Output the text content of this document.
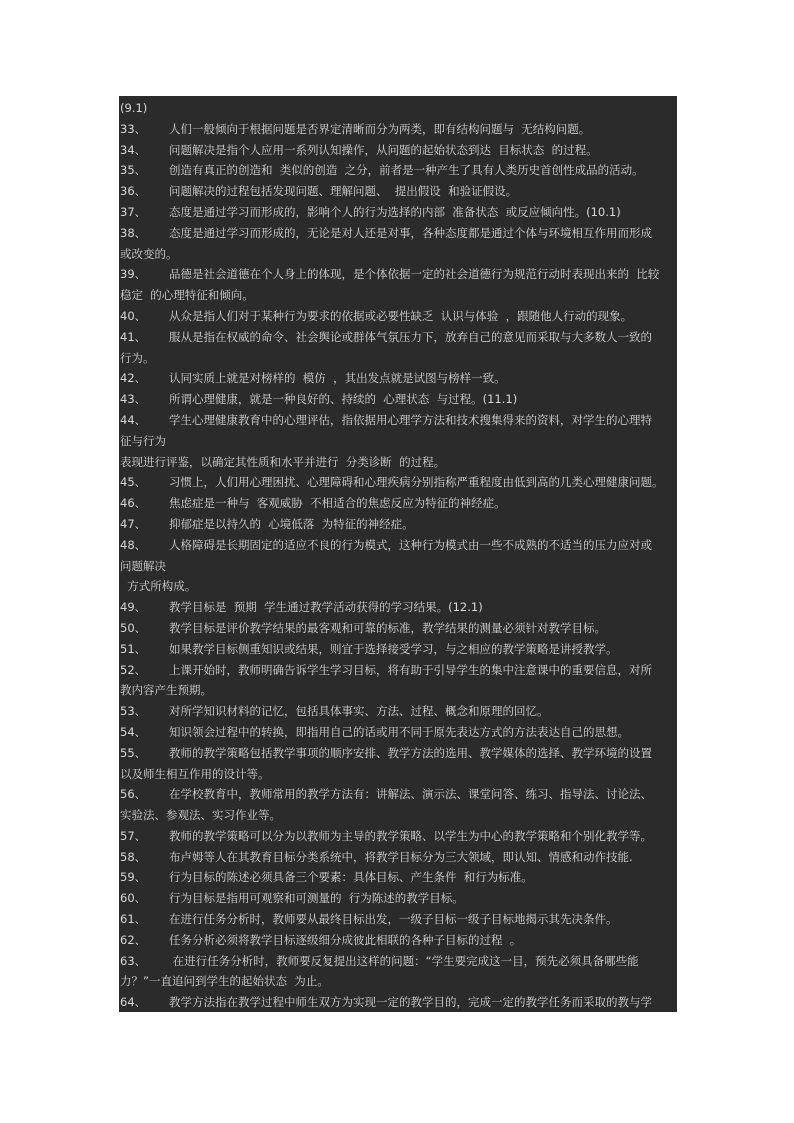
(9.1)
33、 人们一般倾向于根据问题是否界定清晰而分为两类，即有结构问题与  无结构问题。
34、 问题解决是指个人应用一系列认知操作，从问题的起始状态到达  目标状态  的过程。
35、 创造有真正的创造和  类似的创造  之分，前者是一种产生了具有人类历史首创性成品的活动。
36、 问题解决的过程包括发现问题、理解问题、  提出假设  和验证假设。
37、 态度是通过学习而形成的，影响个人的行为选择的内部  准备状态  或反应倾向性。(10.1)
38、 态度是通过学习而形成的，无论是对人还是对事，各种态度都是通过个体与环境相互作用而形成
或改变的。
39、 品德是社会道德在个人身上的体现，是个体依据一定的社会道德行为规范行动时表现出来的  比较
稳定  的心理特征和倾向。
40、 从众是指人们对于某种行为要求的依据或必要性缺乏  认识与体验  ，跟随他人行动的现象。
41、 服从是指在权威的命令、社会舆论或群体气氛压力下，放弃自己的意见而采取与大多数人一致的
行为。
42、 认同实质上就是对榜样的  模仿  ，其出发点就是试图与榜样一致。
43、 所谓心理健康，就是一种良好的、持续的  心理状态  与过程。(11.1)
44、 学生心理健康教育中的心理评估，指依据用心理学方法和技术搜集得来的资料，对学生的心理特
征与行为
表现进行评鉴，以确定其性质和水平并进行  分类诊断  的过程。
45、 习惯上，人们用心理困扰、心理障碍和心理疾病分别指称严重程度由低到高的几类心理健康问题。
46、 焦虑症是一种与  客观威胁  不相适合的焦虑反应为特征的神经症。
47、 抑郁症是以持久的  心境低落  为特征的神经症。
48、 人格障碍是长期固定的适应不良的行为模式，这种行为模式由一些不成熟的不适当的压力应对或
问题解决
方式所构成。
49、 教学目标是  预期  学生通过教学活动获得的学习结果。(12.1)
50、 教学目标是评价教学结果的最客观和可靠的标准，教学结果的测量必须针对教学目标。
51、 如果教学目标侧重知识或结果，则宜于选择接受学习，与之相应的教学策略是讲授教学。
52、 上课开始时，教师明确告诉学生学习目标，将有助于引导学生的集中注意课中的重要信息，对所
教内容产生预期。
53、 对所学知识材料的记忆，包括具体事实、方法、过程、概念和原理的回忆。
54、 知识领会过程中的转换，即指用自己的话或用不同于原先表达方式的方法表达自己的思想。
55、 教师的教学策略包括教学事项的顺序安排、教学方法的选用、教学媒体的选择、教学环境的设置
以及师生相互作用的设计等。
56、 在学校教育中，教师常用的教学方法有：讲解法、演示法、课堂问答、练习、指导法、讨论法、
实验法、参观法、实习作业等。
57、 教师的教学策略可以分为以教师为主导的教学策略、以学生为中心的教学策略和个别化教学等。
58、 布卢姆等人在其教育目标分类系统中，将教学目标分为三大领域，即认知、情感和动作技能.
59、 行为目标的陈述必须具备三个要素：具体目标、产生条件  和行为标准。
60、 行为目标是指用可观察和可测量的  行为陈述的教学目标。
61、 在进行任务分析时，教师要从最终目标出发，一级子目标一级子目标地揭示其先决条件。
62、 任务分析必须将教学目标逐级细分成彼此相联的各种子目标的过程  。
63、 在进行任务分析时，教师要反复提出这样的问题：“学生要完成这一目，预先必须具备哪些能
力？”一直追问到学生的起始状态  为止。
64、 教学方法指在教学过程中师生双方为实现一定的教学目的，完成一定的教学任务而采取的教与学
